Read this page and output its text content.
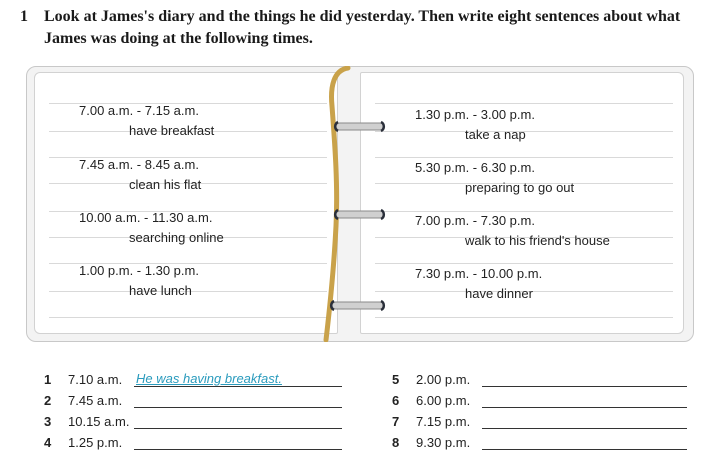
1 Look at James's diary and the things he did yesterday. Then write eight sentences about what James was doing at the following times.
7.00 a.m. - 7.15 a.m.
have breakfast
7.45 a.m. - 8.45 a.m.
clean his flat
10.00 a.m. - 11.30 a.m.
searching online
1.00 p.m. - 1.30 p.m.
have lunch
1.30 p.m. - 3.00 p.m.
take a nap
5.30 p.m. - 6.30 p.m.
preparing to go out
7.00 p.m. - 7.30 p.m.
walk to his friend's house
7.30 p.m. - 10.00 p.m.
have dinner
1 7.10 a.m. He was having breakfast.
2 7.45 a.m.
3 10.15 a.m.
4 1.25 p.m.
5 2.00 p.m.
6 6.00 p.m.
7 7.15 p.m.
8 9.30 p.m.
